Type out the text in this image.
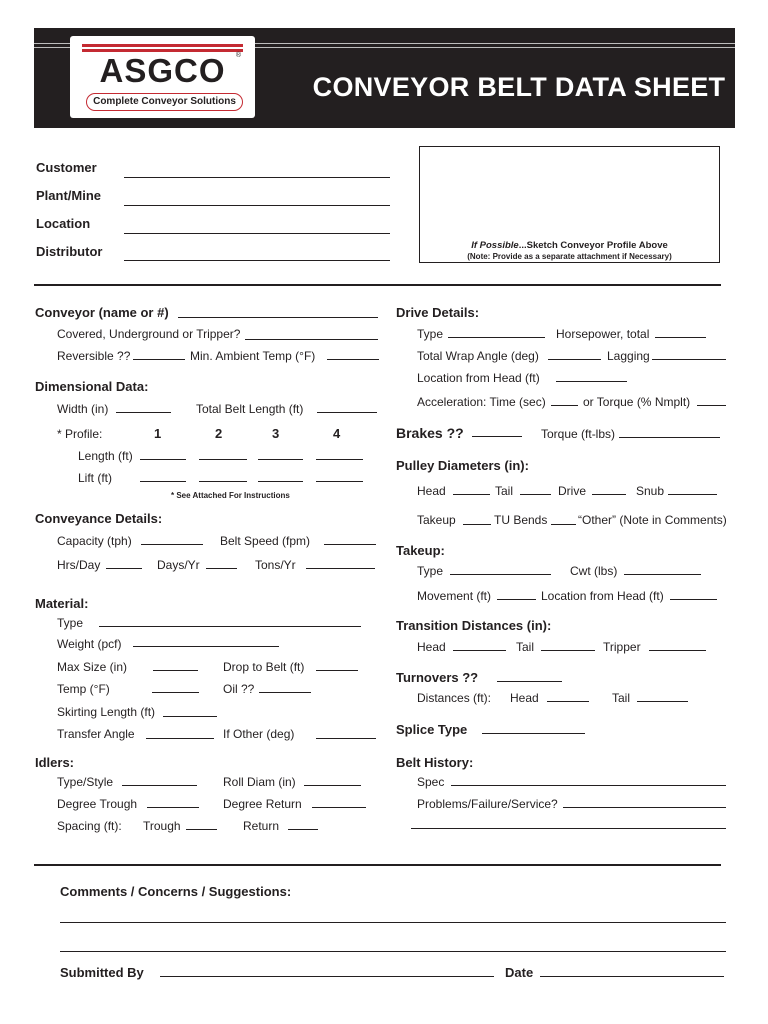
ASGCO	®
Complete Conveyor Solutions	CONVEYOR BELT DATA SHEET
Customer
Plant/Mine
Location
Distributor	If Possible...Sketch Conveyor Profile Above
(Note: Provide as a separate attachment if Necessary)
Conveyor (name or #)
Covered, Underground or Tripper?
Reversible ??	Min. Ambient Temp (°F)
Dimensional Data:
Width (in)	Total Belt Length (ft)
* Profile:	1	2	3	4
Length (ft)
Lift (ft)
* See Attached For Instructions
Conveyance Details:
Capacity (tph)	Belt Speed (fpm)
Hrs/Day	Days/Yr	Tons/Yr
Material:
Type
Weight (pcf)
Max Size (in)	Drop to Belt (ft)
Temp (°F)	Oil ??
Skirting Length (ft)
Transfer Angle	If Other (deg)
Idlers:
Type/Style	Roll Diam (in)
Degree Trough	Degree Return
Spacing (ft): Trough	Return
Drive Details:
Type	Horsepower, total
Total Wrap Angle (deg)	Lagging
Location from Head (ft)
Acceleration: Time (sec)	or Torque (% Nmplt)
Brakes ??	Torque (ft-lbs)
Pulley Diameters (in):
Head	Tail	Drive	Snub
Takeup	TU Bends	“Other” (Note in Comments)
Takeup:
Type	Cwt (lbs)
Movement (ft)	Location from Head (ft)
Transition Distances (in):
Head	Tail	Tripper
Turnovers ??
Distances (ft): Head	Tail
Splice Type
Belt History:
Spec
Problems/Failure/Service?
Comments / Concerns / Suggestions:
Submitted By	Date
